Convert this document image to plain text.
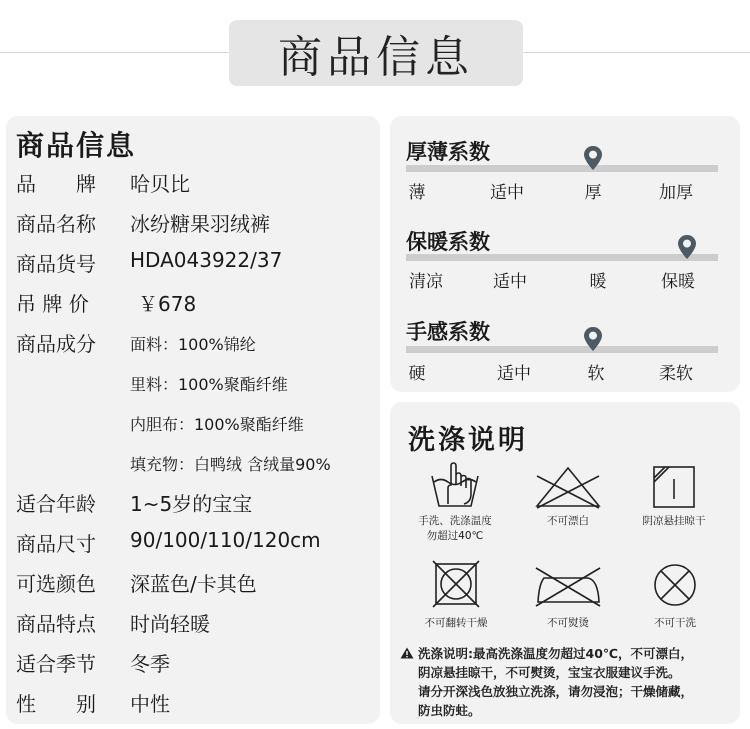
商品信息
商品信息
品　　牌	哈贝比
商品名称	冰纷糖果羽绒裤
商品货号	HDA043922/37
吊 牌 价	￥678
商品成分	面料：100%锦纶
里料：100%聚酯纤维
内胆布：100%聚酯纤维
填充物：白鸭绒 含绒量90%
适合年龄	1~5岁的宝宝
商品尺寸	90/100/110/120cm
可选颜色	深蓝色/卡其色
商品特点	时尚轻暖
适合季节	冬季
性　　别	中性
厚薄系数
薄	适中	厚	加厚
保暖系数
清凉	适中	暖	保暖
手感系数
硬	适中	软	柔软
洗涤说明
手洗、洗涤温度
勿超过40℃
不可漂白	阴凉悬挂晾干
不可翻转干燥	不可熨烫	不可干洗
洗涤说明:最高洗涤温度勿超过40℃，不可漂白，
阴凉悬挂晾干，不可熨烫，宝宝衣服建议手洗。
请分开深浅色放独立洗涤，请勿浸泡；干燥储藏，
防虫防蛀。
